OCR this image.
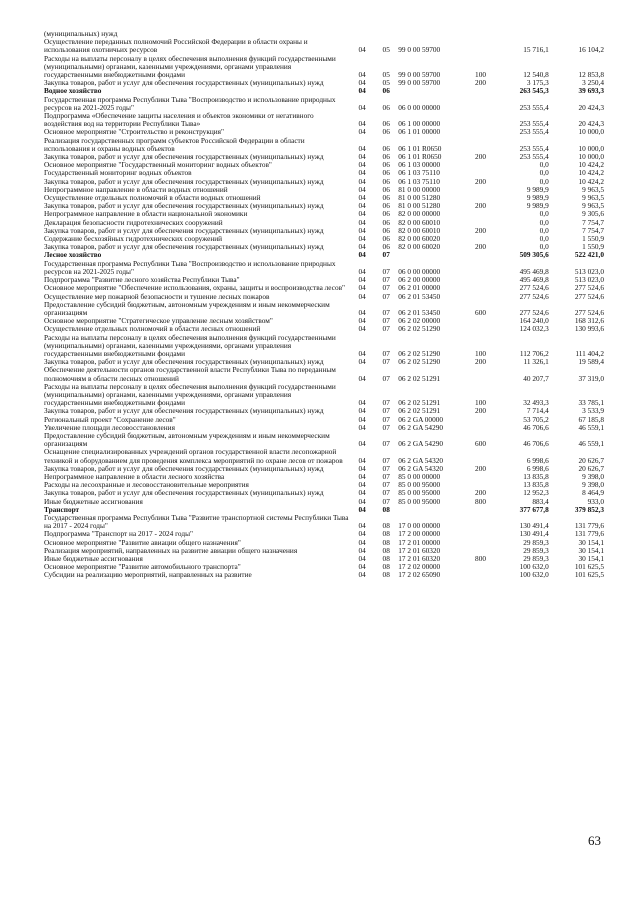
(муниципальных) нужд						
Осуществление переданных полномочий Российской Федерации в области охраны и использования охотничьих ресурсов	04	05	99 0 00 59700		15 716,1	16 104,2
Расходы на выплаты персоналу в целях обеспечения выполнения функций государственными (муниципальными) органами, казенными учреждениями, органами управления государственными внебюджетными фондами	04	05	99 0 00 59700	100	12 540,8	12 853,8
Закупка товаров, работ и услуг для обеспечения государственных (муниципальных) нужд	04	05	99 0 00 59700	200	3 175,3	3 250,4
Водное хозяйство	04	06			263 545,3	39 693,3
Государственная программа Республики Тыва "Воспроизводство и использование природных ресурсов на 2021-2025 годы"	04	06	06 0 00 00000		253 555,4	20 424,3
Подпрограмма «Обеспечение защиты населения и объектов экономики от негативного воздействия вод на территории Республики Тыва»	04	06	06 1 00 00000		253 555,4	20 424,3
Основное мероприятие "Строительство и реконструкция"	04	06	06 1 01 00000		253 555,4	10 000,0
Реализация государственных программ субъектов Российской Федерации в области использования и охраны водных объектов	04	06	06 1 01 R0650		253 555,4	10 000,0
Закупка товаров, работ и услуг для обеспечения государственных (муниципальных) нужд	04	06	06 1 01 R0650	200	253 555,4	10 000,0
Основное мероприятие "Государственный мониторинг водных объектов"	04	06	06 1 03 00000		0,0	10 424,2
Государственный мониторинг водных объектов	04	06	06 1 03 75110		0,0	10 424,2
Закупка товаров, работ и услуг для обеспечения государственных (муниципальных) нужд	04	06	06 1 03 75110	200	0,0	10 424,2
Непрограммное направление в области водных отношений	04	06	81 0 00 00000		9 989,9	9 963,5
Осуществление отдельных полномочий в области водных отношений	04	06	81 0 00 51280		9 989,9	9 963,5
Закупка товаров, работ и услуг для обеспечения государственных (муниципальных) нужд	04	06	81 0 00 51280	200	9 989,9	9 963,5
Непрограммное направление в области национальной экономики	04	06	82 0 00 00000		0,0	9 305,6
Декларация безопасности гидротехнических сооружений	04	06	82 0 00 60010		0,0	7 754,7
Закупка товаров, работ и услуг для обеспечения государственных (муниципальных) нужд	04	06	82 0 00 60010	200	0,0	7 754,7
Содержание бесхозяйных гидротехнических сооружений	04	06	82 0 00 60020		0,0	1 550,9
Закупка товаров, работ и услуг для обеспечения государственных (муниципальных) нужд	04	06	82 0 00 60020	200	0,0	1 550,9
Лесное хозяйство	04	07			509 305,6	522 421,0
Государственная программа Республики Тыва "Воспроизводство и использование природных ресурсов на 2021-2025 годы"	04	07	06 0 00 00000		495 469,8	513 023,0
Подпрограмма "Развитие лесного хозяйства Республики Тыва"	04	07	06 2 00 00000		495 469,8	513 023,0
Основное мероприятие "Обеспечение использования, охраны, защиты и воспроизводства лесов"	04	07	06 2 01 00000		277 524,6	277 524,6
Осуществление мер пожарной безопасности и тушение лесных пожаров	04	07	06 2 01 53450		277 524,6	277 524,6
Предоставление субсидий бюджетным, автономным учреждениям и иным некоммерческим организациям	04	07	06 2 01 53450	600	277 524,6	277 524,6
Основное мероприятие "Стратегическое управление лесным хозяйством"	04	07	06 2 02 00000		164 240,0	168 312,6
Осуществление отдельных полномочий в области лесных отношений	04	07	06 2 02 51290		124 032,3	130 993,6
Расходы на выплаты персоналу в целях обеспечения выполнения функций государственными (муниципальными) органами, казенными учреждениями, органами управления государственными внебюджетными фондами	04	07	06 2 02 51290	100	112 706,2	111 404,2
Закупка товаров, работ и услуг для обеспечения государственных (муниципальных) нужд	04	07	06 2 02 51290	200	11 326,1	19 589,4
Обеспечение деятельности органов государственной власти Республики Тыва по переданным полномочиям в области лесных отношений	04	07	06 2 02 51291		40 207,7	37 319,0
Расходы на выплаты персоналу в целях обеспечения выполнения функций государственными (муниципальными) органами, казенными учреждениями, органами управления государственными внебюджетными фондами	04	07	06 2 02 51291	100	32 493,3	33 785,1
Закупка товаров, работ и услуг для обеспечения государственных (муниципальных) нужд	04	07	06 2 02 51291	200	7 714,4	3 533,9
Региональный проект "Сохранение лесов"	04	07	06 2 GA 00000		53 705,2	67 185,8
Увеличение площади лесовосстановления	04	07	06 2 GA 54290		46 706,6	46 559,1
Предоставление субсидий бюджетным, автономным учреждениям и иным некоммерческим организациям	04	07	06 2 GA 54290	600	46 706,6	46 559,1
Оснащение специализированных учреждений органов государственной власти лесопожарной техникой и оборудованием для проведения комплекса мероприятий по охране лесов от пожаров	04	07	06 2 GA 54320		6 998,6	20 626,7
Закупка товаров, работ и услуг для обеспечения государственных (муниципальных) нужд	04	07	06 2 GA 54320	200	6 998,6	20 626,7
Непрограммное направление в области лесного хозяйства	04	07	85 0 00 00000		13 835,8	9 398,0
Расходы на лесоохранные и лесовосстановительные мероприятия	04	07	85 0 00 95000		13 835,8	9 398,0
Закупка товаров, работ и услуг для обеспечения государственных (муниципальных) нужд	04	07	85 0 00 95000	200	12 952,3	8 464,9
Иные бюджетные ассигнования	04	07	85 0 00 95000	800	883,4	933,0
Транспорт	04	08			377 677,8	379 852,3
Государственная программа Республики Тыва "Развитие транспортной системы Республики Тыва на 2017 - 2024 годы"	04	08	17 0 00 00000		130 491,4	131 779,6
Подпрограмма "Транспорт на 2017 - 2024 годы"	04	08	17 2 00 00000		130 491,4	131 779,6
Основное мероприятие "Развитие авиации общего назначения"	04	08	17 2 01 00000		29 859,3	30 154,1
Реализация мероприятий, направленных на развитие авиации общего назначения	04	08	17 2 01 60320		29 859,3	30 154,1
Иные бюджетные ассигнования	04	08	17 2 01 60320	800	29 859,3	30 154,1
Основное мероприятие "Развитие автомобильного транспорта"	04	08	17 2 02 00000		100 632,0	101 625,5
Субсидии на реализацию мероприятий, направленных на развитие	04	08	17 2 02 65090		100 632,0	101 625,5
63
